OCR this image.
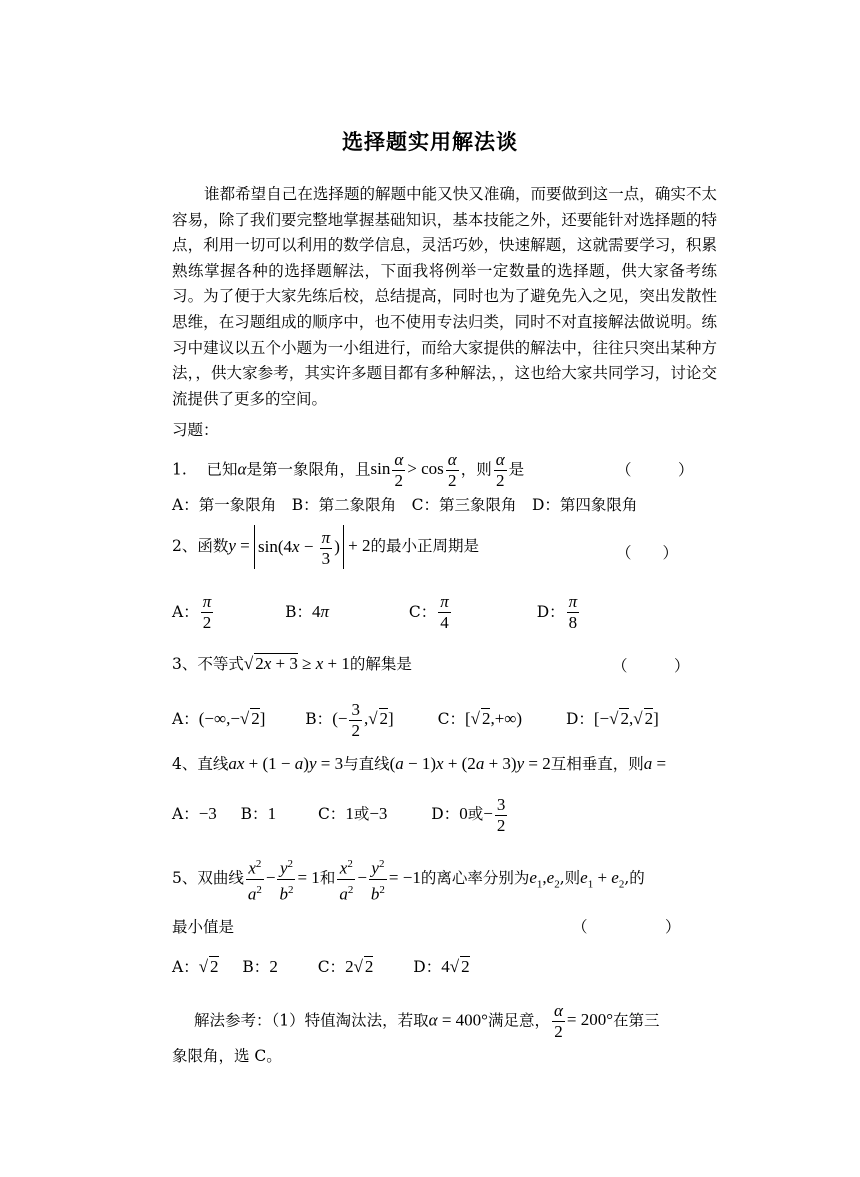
选择题实用解法谈
谁都希望自己在选择题的解题中能又快又准确，而要做到这一点，确实不太容易，除了我们要完整地掌握基础知识，基本技能之外，还要能针对选择题的特点，利用一切可以利用的数学信息，灵活巧妙，快速解题，这就需要学习，积累熟练掌握各种的选择题解法，下面我将例举一定数量的选择题，供大家备考练习。为了便于大家先练后校，总结提高，同时也为了避免先入之见，突出发散性思维，在习题组成的顺序中，也不使用专法归类，同时不对直接解法做说明。练习中建议以五个小题为一小组进行，而给大家提供的解法中，往往只突出某种方法，，供大家参考，其实许多题目都有多种解法，，这也给大家共同学习，讨论交流提供了更多的空间。
习题：
1. 已知α是第一象限角，且$\sin \frac{\alpha}{2} > \cos \frac{\alpha}{2}$ ，则 $\frac{\alpha}{2}$ 是	（　　　）
A：第一象限角　B：第二象限角　C：第三象限角　D：第四象限角
2、函数$y = \sin(4x - \frac{\pi}{3}$ ) + 2的最小正周期是	（　　）
A： $\frac{\pi}{2}$	B：4π	C： $\frac{\pi}{4}$	D： $\frac{\pi}{8}$
3、不等式√ 2x + 3 ≥ x + 1的解集是	（　　　）
A：(−∞,−√ 2]	B：(− $\frac{3}{2}$ ,√ 2]	C：[√ 2,+∞)	D：[−√ 2,√ 2]
4、直线ax + (1 − a)y = 3与直线(a − 1)x + (2a + 3)y = 2互相垂直，则a =
A：−3 B：1	C：1或−3	D：0或− $\frac{3}{2}$
5、双曲线 $\frac{x^2}{a^2} - \frac{y^2}{b^2} = 1$和 $\frac{x^2}{a^2} - \frac{y^2}{b^2} = -1$的离心率分别为$e_1,e_2$,则$e_1 + e_2$,的
最小值是	（　　　　　）
A：√ 2 B：2	C：2√ 2	D：4√ 2
解法参考：（1）特值淘汰法，若取α = 400°满足意， $\frac{\alpha}{2} = 200^\circ$在第三
象限角，选 C。
